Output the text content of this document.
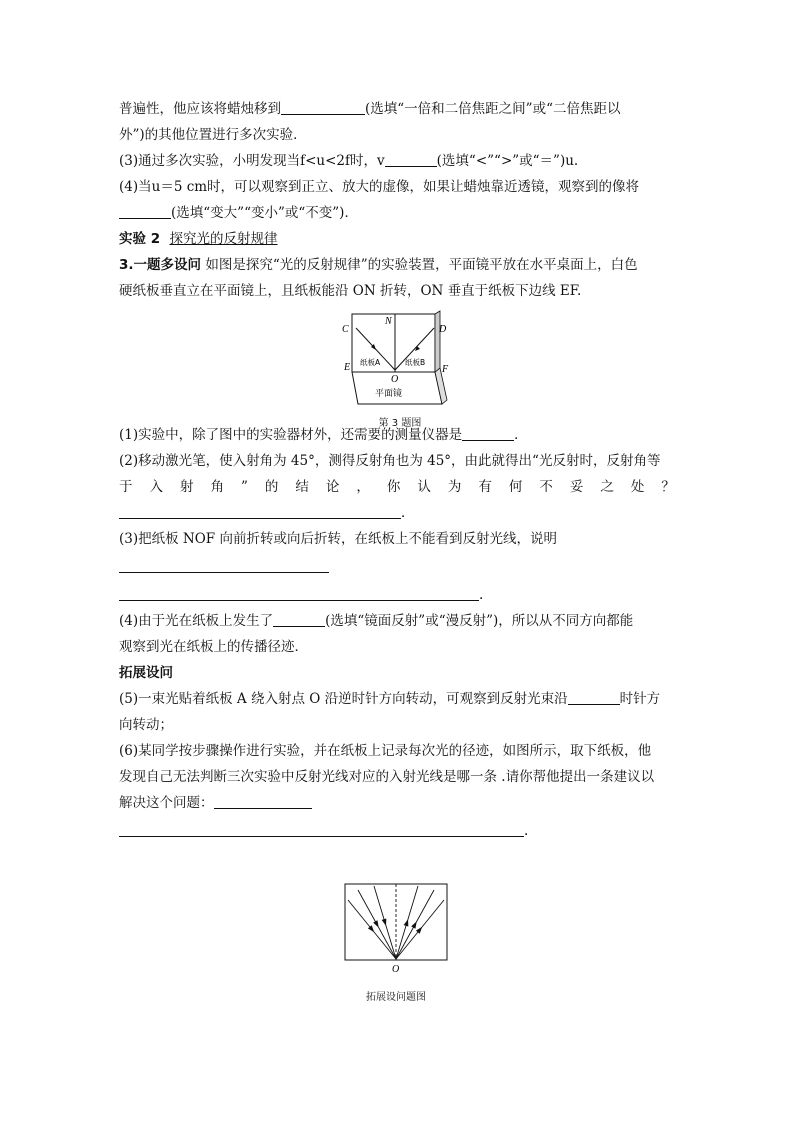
普遍性，他应该将蜡烛移到	(选填“一倍和二倍焦距之间”或“二倍焦距以

外”)的其他位置进行多次实验．

(3)通过多次实验，小明发现当f<u<2f时，v	(选填“<”“>”或“＝”)u.

(4)当u＝5 cm时，可以观察到正立、放大的虚像，如果让蜡烛靠近透镜，观察到的像将

(选填“变大”“变小”或“不变”)．

实验 2 探究光的反射规律

3.一题多设问 如图是探究“光的反射规律”的实验装置，平面镜平放在水平桌面上，白色

硬纸板垂直立在平面镜上，且纸板能沿 ON 折转，ON 垂直于纸板下边线 EF.

(1)实验中，除了图中的实验器材外，还需要的测量仪器是	．

(2)移动激光笔，使入射角为 45°，测得反射角也为 45°，由此就得出“光反射时，反射角等

于 入 射 角 ” 的 结 论 ， 你 认 为 有 何 不 妥 之 处 ？

．

(3)把纸板 NOF 向前折转或向后折转，在纸板上不能看到反射光线，说明

.

(4)由于光在纸板上发生了	(选填“镜面反射”或“漫反射”)，所以从不同方向都能

观察到光在纸板上的传播径迹．

拓展设问

(5)一束光贴着纸板 A 绕入射点 O 沿逆时针方向转动，可观察到反射光束沿	时针方

向转动；

(6)某同学按步骤操作进行实验，并在纸板上记录每次光的径迹，如图所示，取下纸板，他

发现自己无法判断三次实验中反射光线对应的入射光线是哪一条 .请你帮他提出一条建议以

解决这个问题：

.

C
N
D
E
O
F
纸板A	纸板B
平面镜
第 3 题图
O
拓展设问题图
